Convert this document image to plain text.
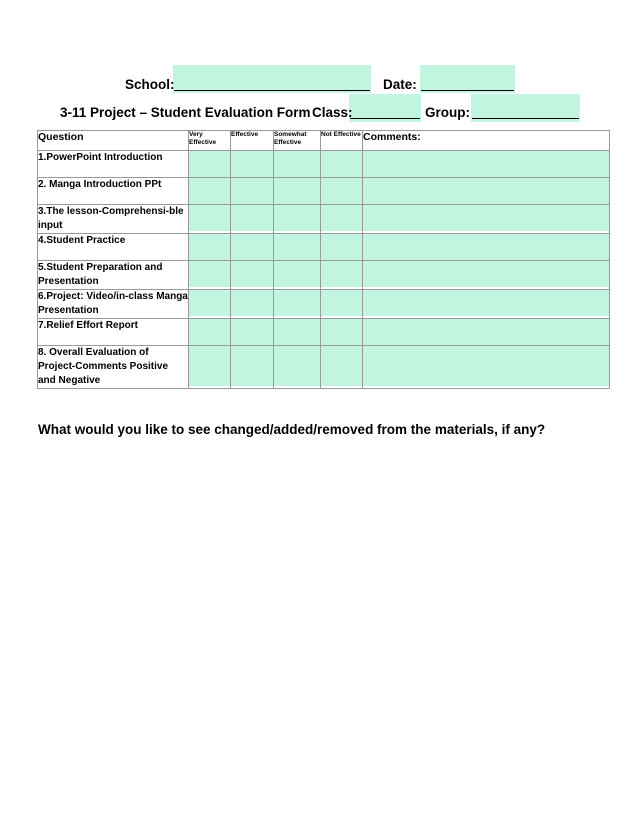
School:	Date:
3-11 Project – Student Evaluation Form Class:	Group:
Question	Very Effective	Effective	Somewhat Effective	Not Effective	Comments:
1.PowerPoint Introduction	

2. Manga Introduction PPt	

3.The lesson-Comprehensi-ble input	

4.Student Practice	

5.Student Preparation and Presentation	

6.Project: Video/in-class Manga Presentation	

7.Relief Effort Report	

8. Overall Evaluation of Project-Comments Positive and Negative	

What would you like to see changed/added/removed from the materials, if any?
